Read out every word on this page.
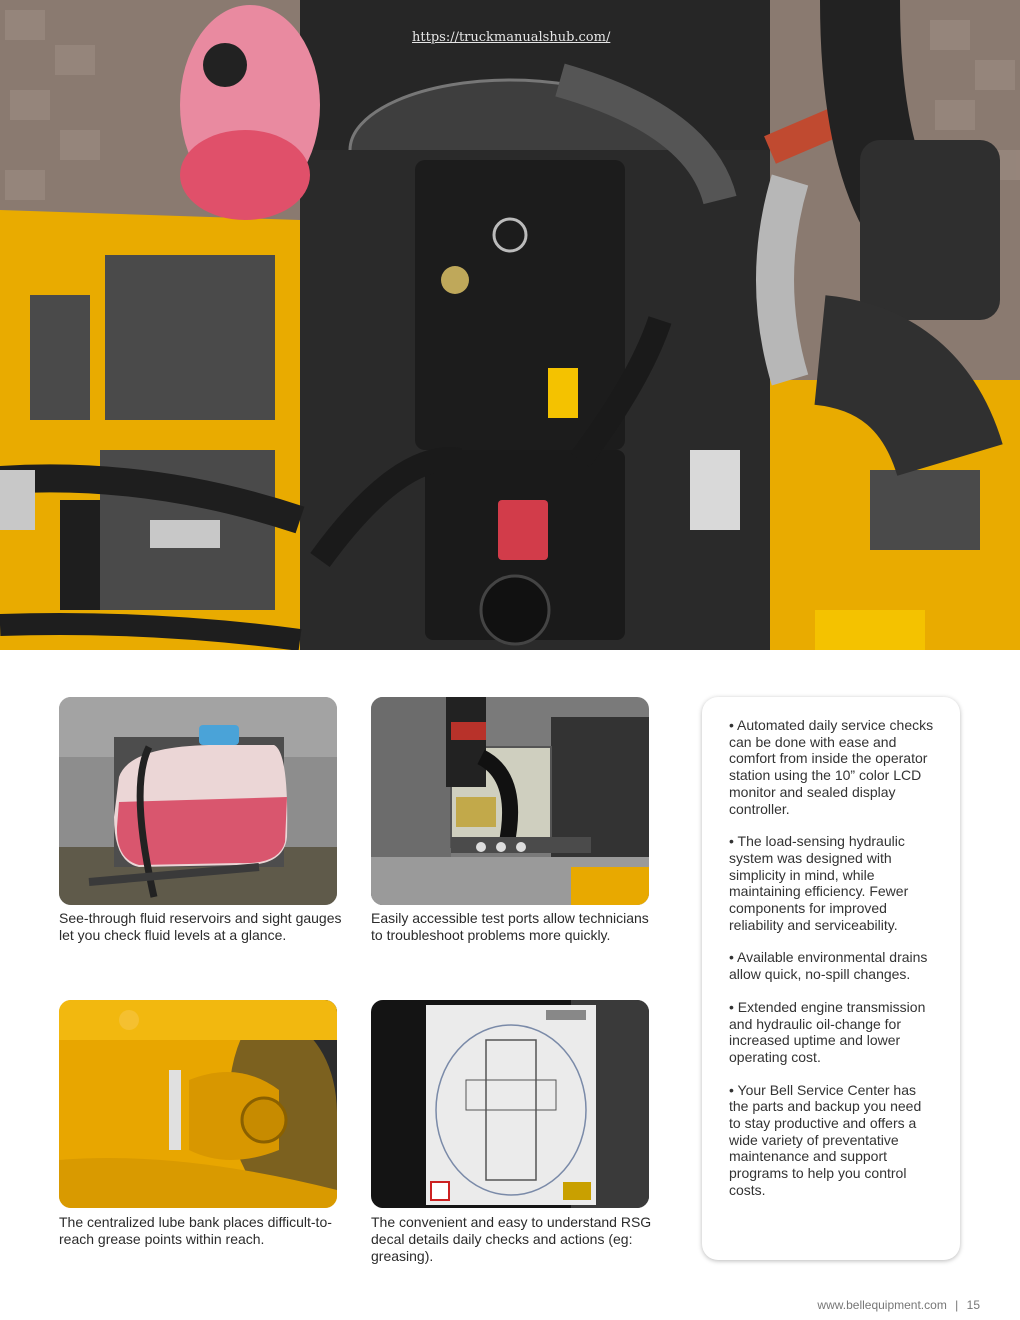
https://truckmanualshub.com/
See-through fluid reservoirs and sight gauges let you check fluid levels at a glance.
Easily accessible test ports allow technicians to troubleshoot problems more quickly.
The centralized lube bank places difficult-to-reach grease points within reach.
The convenient and easy to understand RSG decal details daily checks and actions (eg: greasing).

• Automated daily service checks can be done with ease and comfort from inside the operator station using the 10” color LCD monitor and sealed display controller.

• The load-sensing hydraulic system was designed with simplicity in mind, while maintaining efficiency. Fewer components for improved reliability and serviceability.

• Available environmental drains allow quick, no-spill changes.

• Extended engine transmission and hydraulic oil-change for increased uptime and lower operating cost.

• Your Bell Service Center has the parts and backup you need to stay productive and offers a wide variety of preventative maintenance and support programs to help you control costs.

www.bellequipment.com | 15
